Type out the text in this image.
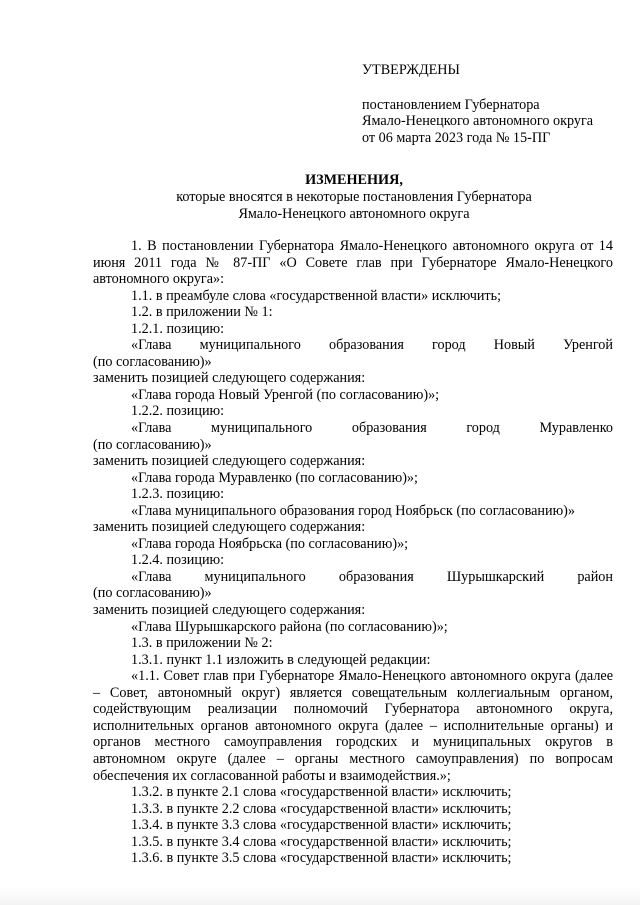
УТВЕРЖДЕНЫ
постановлением Губернатора
Ямало-Ненецкого автономного округа
от 06 марта 2023 года № 15-ПГ
ИЗМЕНЕНИЯ,
которые вносятся в некоторые постановления Губернатора
Ямало-Ненецкого автономного округа

1. В постановлении Губернатора Ямало-Ненецкого автономного округа от 14 июня 2011 года № 87-ПГ «О Совете глав при Губернаторе Ямало-Ненецкого автономного округа»:

1.1. в преамбуле слова «государственной власти» исключить;

1.2. в приложении № 1:

1.2.1. позицию:

«Глава муниципального образования город Новый Уренгой

(по согласованию)»

заменить позицией следующего содержания:

«Глава города Новый Уренгой (по согласованию)»;

1.2.2. позицию:

«Глава муниципального образования город Муравленко

(по согласованию)»

заменить позицией следующего содержания:

«Глава города Муравленко (по согласованию)»;

1.2.3. позицию:

«Глава муниципального образования город Ноябрьск (по согласованию)»

заменить позицией следующего содержания:

«Глава города Ноябрьска (по согласованию)»;

1.2.4. позицию:

«Глава муниципального образования Шурышкарский район

(по согласованию)»

заменить позицией следующего содержания:

«Глава Шурышкарского района (по согласованию)»;

1.3. в приложении № 2:

1.3.1. пункт 1.1 изложить в следующей редакции:

«1.1. Совет глав при Губернаторе Ямало-Ненецкого автономного округа (далее – Совет, автономный округ) является совещательным коллегиальным органом, содействующим реализации полномочий Губернатора автономного округа, исполнительных органов автономного округа (далее – исполнительные органы) и органов местного самоуправления городских и муниципальных округов в автономном округе (далее – органы местного самоуправления) по вопросам обеспечения их согласованной работы и взаимодействия.»;

1.3.2. в пункте 2.1 слова «государственной власти» исключить;

1.3.3. в пункте 2.2 слова «государственной власти» исключить;

1.3.4. в пункте 3.3 слова «государственной власти» исключить;

1.3.5. в пункте 3.4 слова «государственной власти» исключить;

1.3.6. в пункте 3.5 слова «государственной власти» исключить;
